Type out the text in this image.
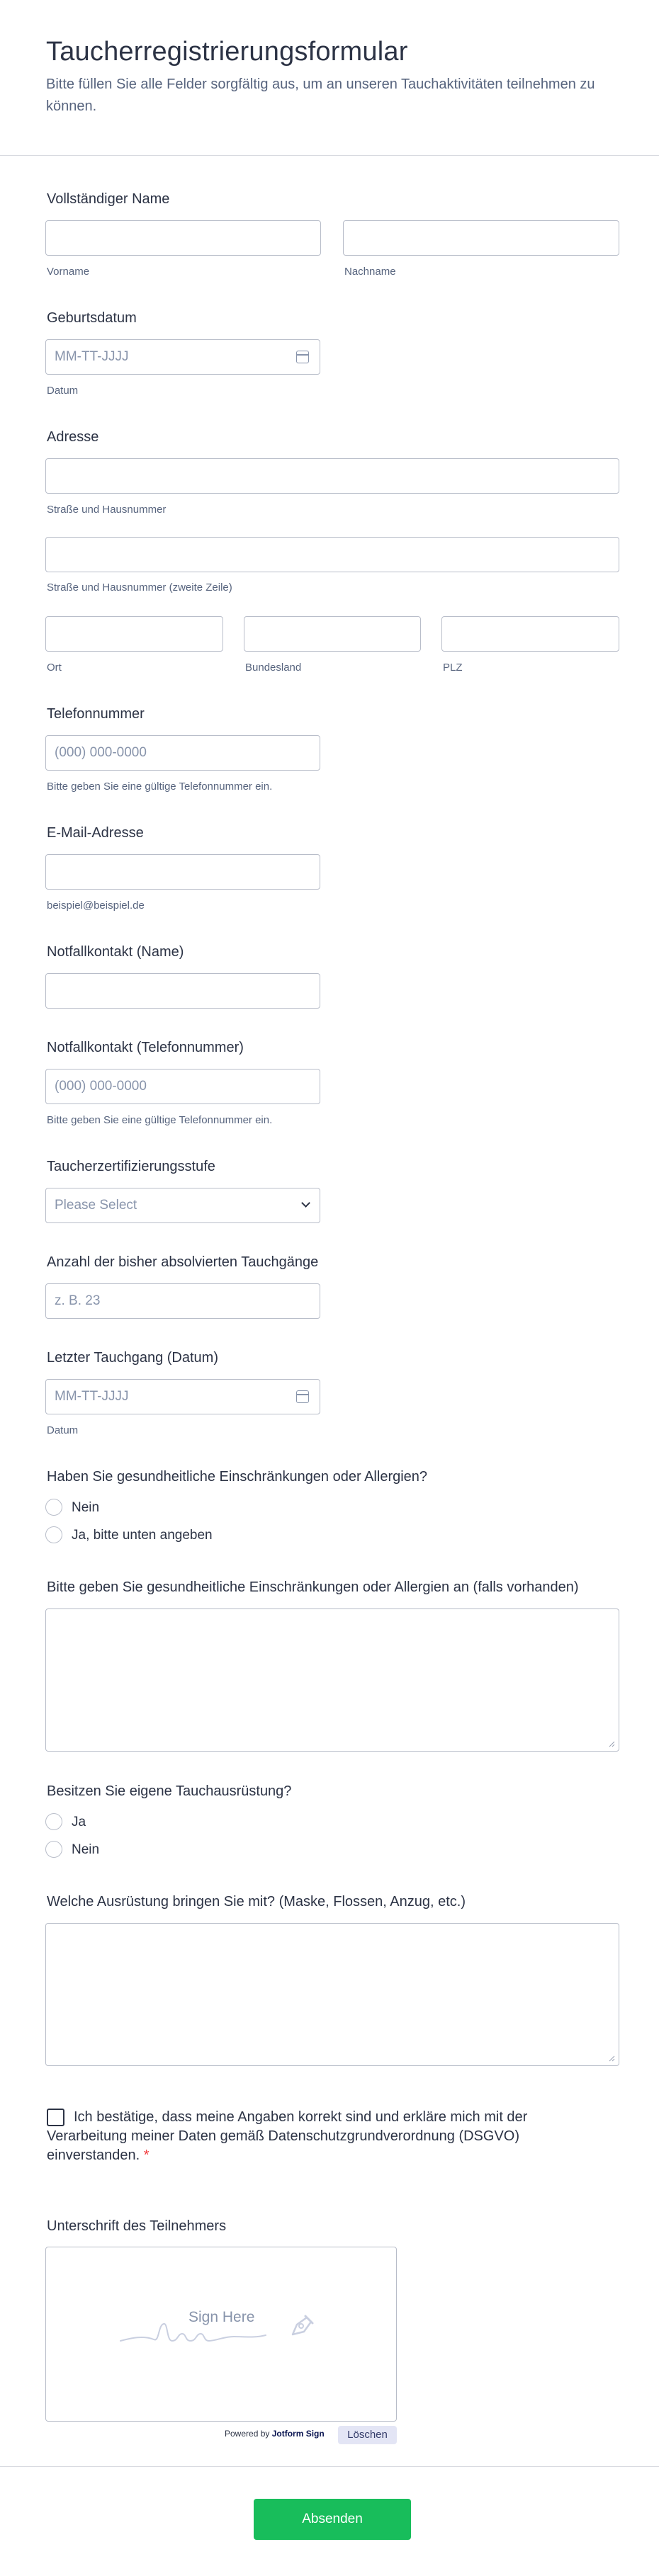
Taucherregistrierungsformular
Bitte füllen Sie alle Felder sorgfältig aus, um an unseren Tauchaktivitäten teilnehmen zu können.
Vollständiger Name
Vorname	Nachname
Geburtsdatum
MM-TT-JJJJ
Datum
Adresse
Straße und Hausnummer
Straße und Hausnummer (zweite Zeile)
Ort	Bundesland	PLZ
Telefonnummer
(000) 000-0000
Bitte geben Sie eine gültige Telefonnummer ein.
E-Mail-Adresse
beispiel@beispiel.de
Notfallkontakt (Name)
Notfallkontakt (Telefonnummer)
(000) 000-0000
Bitte geben Sie eine gültige Telefonnummer ein.
Taucherzertifizierungsstufe
Please Select
Anzahl der bisher absolvierten Tauchgänge
z. B. 23
Letzter Tauchgang (Datum)
MM-TT-JJJJ
Datum
Haben Sie gesundheitliche Einschränkungen oder Allergien?
Nein
Ja, bitte unten angeben
Bitte geben Sie gesundheitliche Einschränkungen oder Allergien an (falls vorhanden)
Besitzen Sie eigene Tauchausrüstung?
Ja
Nein
Welche Ausrüstung bringen Sie mit? (Maske, Flossen, Anzug, etc.)
Ich bestätige, dass meine Angaben korrekt sind und erkläre mich mit der Verarbeitung meiner Daten gemäß Datenschutzgrundverordnung (DSGVO) einverstanden. *
Unterschrift des Teilnehmers
Sign Here
Powered by Jotform Sign	Löschen
Absenden
